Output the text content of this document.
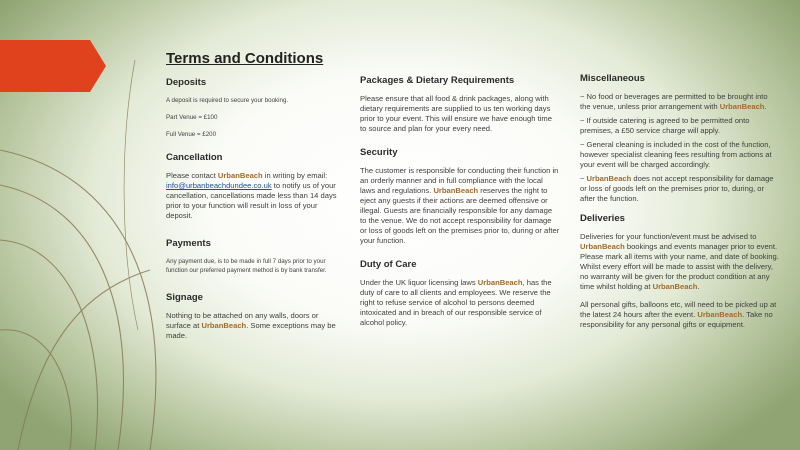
Terms and Conditions
Deposits

A deposit is required to secure your booking.

Part Venue = £100

Full Venue = £200

Cancellation

Please contact UrbanBeach in writing by email: info@urbanbeachdundee.co.uk to notify us of your cancellation, cancellations made less than 14 days prior to your function will result in loss of your deposit.

Payments

Any payment due, is to be made in full 7 days prior to your function our preferred payment method is by bank transfer.

Signage

Nothing to be attached on any walls, doors or surface at UrbanBeach. Some exceptions may be made.

Packages & Dietary Requirements

Please ensure that all food & drink packages, along with dietary requirements are supplied to us ten working days prior to your event. This will ensure we have enough time to source and plan for your every need.

Security

The customer is responsible for conducting their function in an orderly manner and in full compliance with the local laws and regulations. UrbanBeach reserves the right to eject any guests if their actions are deemed offensive or illegal. Guests are financially responsible for any damage to the venue. We do not accept responsibility for damage or loss of goods left on the premises prior to, during or after your function.

Duty of Care

Under the UK liquor licensing laws UrbanBeach, has the duty of care to all clients and employees. We reserve the right to refuse service of alcohol to persons deemed intoxicated and in breach of our responsible service of alcohol policy.

Miscellaneous

~ No food or beverages are permitted to be brought into the venue, unless prior arrangement with UrbanBeach.

~ If outside catering is agreed to be permitted onto premises, a £50 service charge will apply.

~ General cleaning is included in the cost of the function, however specialist cleaning fees resulting from actions at your event will be charged accordingly.

~ UrbanBeach does not accept responsibility for damage or loss of goods left on the premises prior to, during, or after the function.

Deliveries

Deliveries for your function/event must be advised to UrbanBeach bookings and events manager prior to event. Please mark all items with your name, and date of booking. Whilst every effort will be made to assist with the delivery, no warranty will be given for the product condition at any time whilst holding at UrbanBeach.

All personal gifts, balloons etc, will need to be picked up at the latest 24 hours after the event. UrbanBeach. Take no responsibility for any personal gifts or equipment.
